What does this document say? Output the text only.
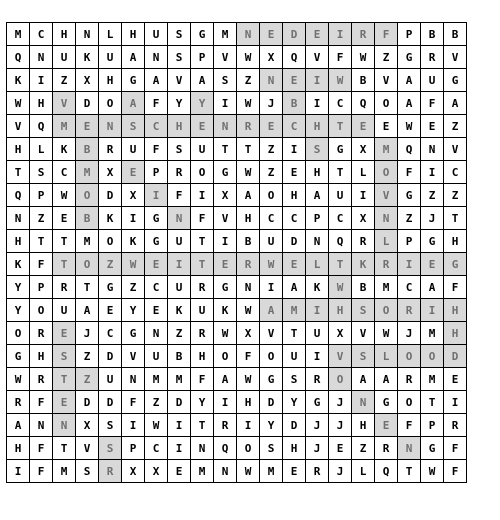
M	C	H	N	L	H	U	S	G	M	N	E	D	E	I	R	F	P	B	B
Q	N	U	K	U	A	N	S	P	V	W	X	Q	V	F	W	Z	G	R	V
K	I	Z	X	H	G	A	V	A	S	Z	N	E	I	W	B	V	A	U	G
W	H	V	D	O	A	F	Y	Y	I	W	J	B	I	C	Q	O	A	F	A
V	Q	M	E	N	S	C	H	E	N	R	E	C	H	T	E	E	W	E	Z
H	L	K	B	R	U	F	S	U	T	T	Z	I	S	G	X	M	Q	N	V
T	S	C	M	X	E	P	R	O	G	W	Z	E	H	T	L	O	F	I	C
Q	P	W	O	D	X	I	F	I	X	A	O	H	A	U	I	V	G	Z	Z
N	Z	E	B	K	I	G	N	F	V	H	C	C	P	C	X	N	Z	J	T
H	T	T	M	O	K	G	U	T	I	B	U	D	N	Q	R	L	P	G	H
K	F	T	O	Z	W	E	I	T	E	R	W	E	L	T	K	R	I	E	G
Y	P	R	T	G	Z	C	U	R	G	N	I	A	K	W	B	M	C	A	F
Y	O	U	A	E	Y	E	K	U	K	W	A	M	I	H	S	O	R	I	H
O	R	E	J	C	G	N	Z	R	W	X	V	T	U	X	V	W	J	M	H
G	H	S	Z	D	V	U	B	H	O	F	O	U	I	V	S	L	O	O	D
W	R	T	Z	U	N	M	M	F	A	W	G	S	R	O	A	A	R	M	E
R	F	E	D	D	F	Z	D	Y	I	H	D	Y	G	J	N	G	O	T	I
A	N	N	X	S	I	W	I	T	R	I	Y	D	J	J	H	E	F	P	R
H	F	T	V	S	P	C	I	N	Q	O	S	H	J	E	Z	R	N	G	F
I	F	M	S	R	X	X	E	M	N	W	M	E	R	J	L	Q	T	W	F
